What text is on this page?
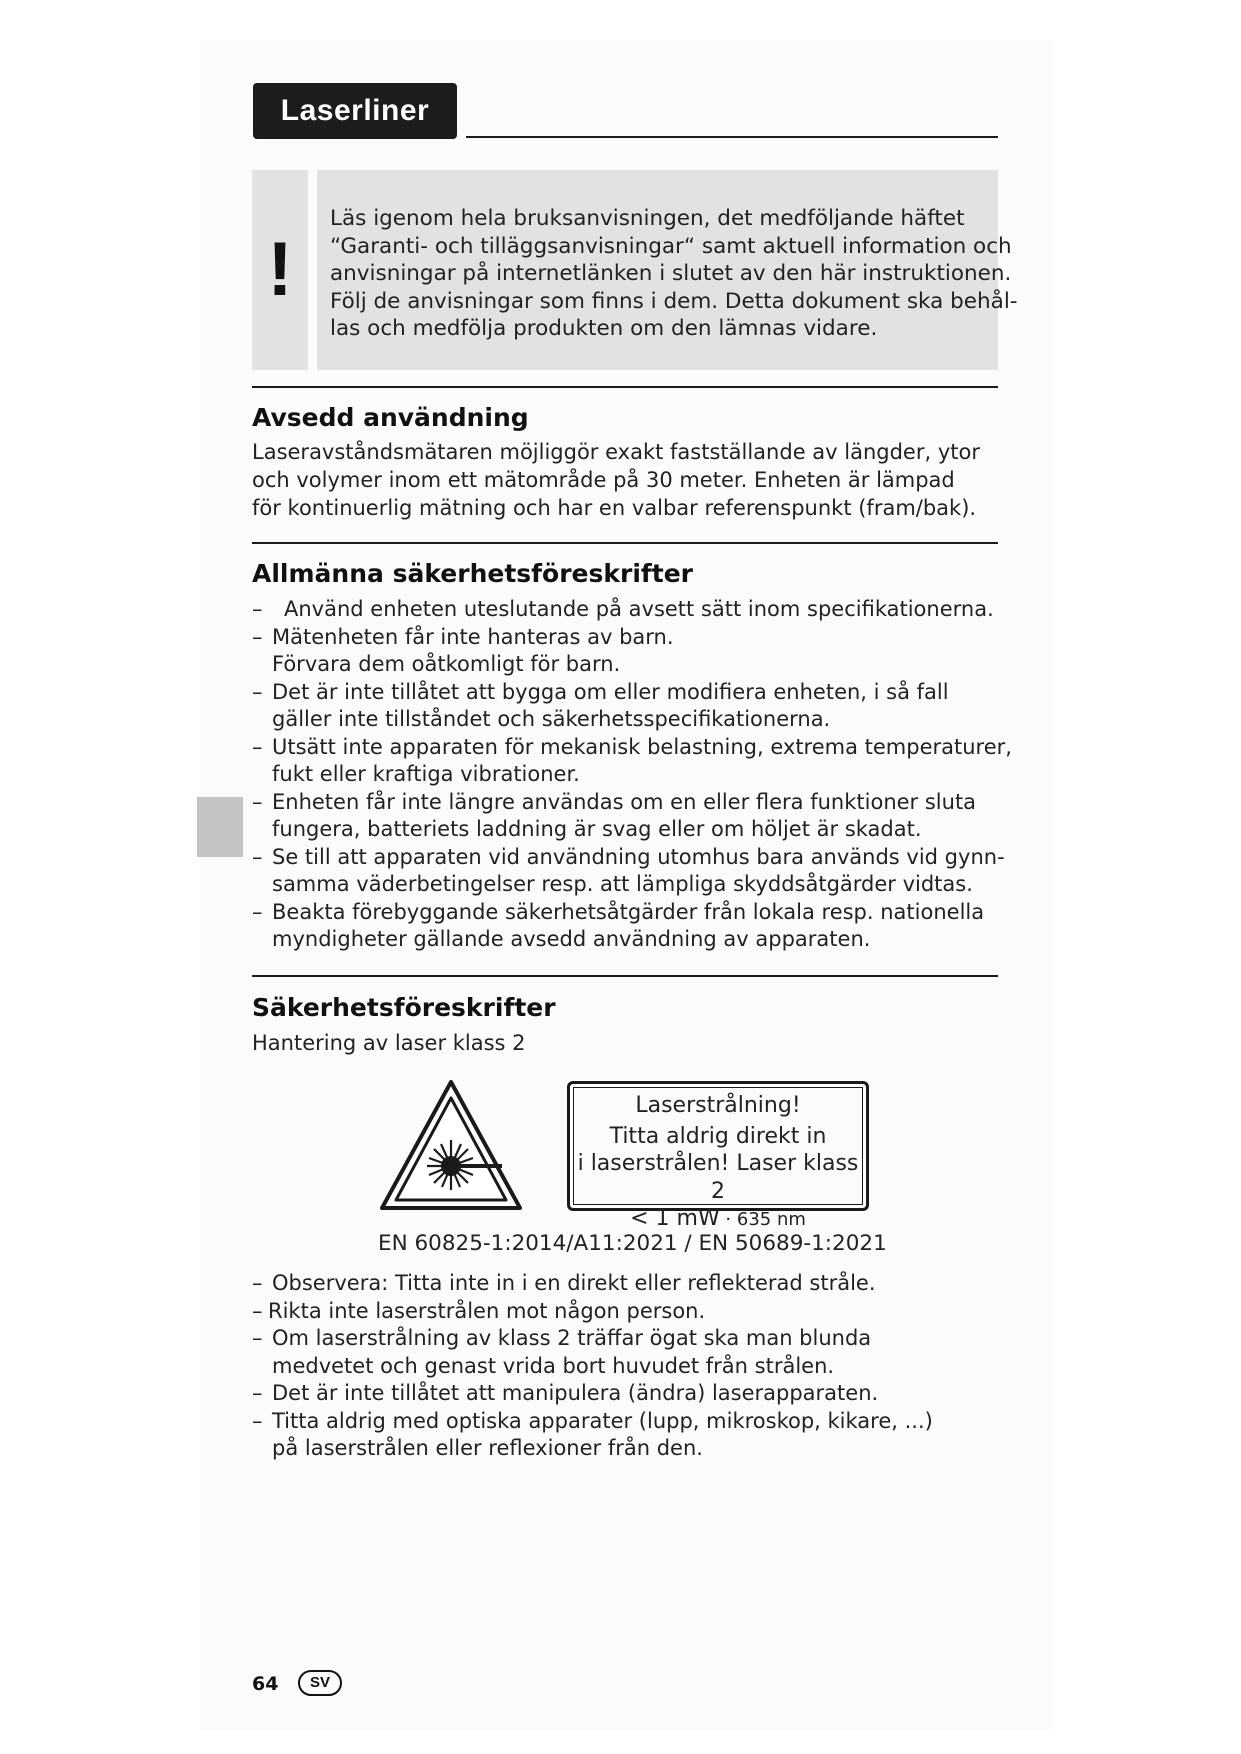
Laserliner
!
Läs igenom hela bruksanvisningen, det medföljande häftet
“Garanti- och tilläggsanvisningar“ samt aktuell information och
anvisningar på internetlänken i slutet av den här instruktionen.
Följ de anvisningar som finns i dem. Detta dokument ska behål-
las och medfölja produkten om den lämnas vidare.
Avsedd användning
Laseravståndsmätaren möjliggör exakt fastställande av längder, ytor
och volymer inom ett mätområde på 30 meter. Enheten är lämpad
för kontinuerlig mätning och har en valbar referenspunkt (fram/bak).
Allmänna säkerhetsföreskrifter
–	Använd enheten uteslutande på avsett sätt inom specifikationerna.
– Mätenheten får inte hanteras av barn.
Förvara dem oåtkomligt för barn.
– Det är inte tillåtet att bygga om eller modifiera enheten, i så fall
gäller inte tillståndet och säkerhetsspecifikationerna.
– Utsätt inte apparaten för mekanisk belastning, extrema temperaturer,
fukt eller kraftiga vibrationer.
– Enheten får inte längre användas om en eller flera funktioner sluta
fungera, batteriets laddning är svag eller om höljet är skadat.
– Se till att apparaten vid användning utomhus bara används vid gynn-
samma väderbetingelser resp. att lämpliga skyddsåtgärder vidtas.
– Beakta förebyggande säkerhetsåtgärder från lokala resp. nationella
myndigheter gällande avsedd användning av apparaten.
Säkerhetsföreskrifter
Hantering av laser klass 2
Laserstrålning!
Titta aldrig direkt in
i laserstrålen! Laser klass 2
< 1 mW · 635 nm
EN 60825-1:2014/A11:2021 / EN 50689-1:2021
– Observera: Titta inte in i en direkt eller reflekterad stråle.
– Rikta inte laserstrålen mot någon person.
– Om laserstrålning av klass 2 träffar ögat ska man blunda
medvetet och genast vrida bort huvudet från strålen.
– Det är inte tillåtet att manipulera (ändra) laserapparaten.
– Titta aldrig med optiska apparater (lupp, mikroskop, kikare, ...)
på laserstrålen eller reflexioner från den.
64	SV
